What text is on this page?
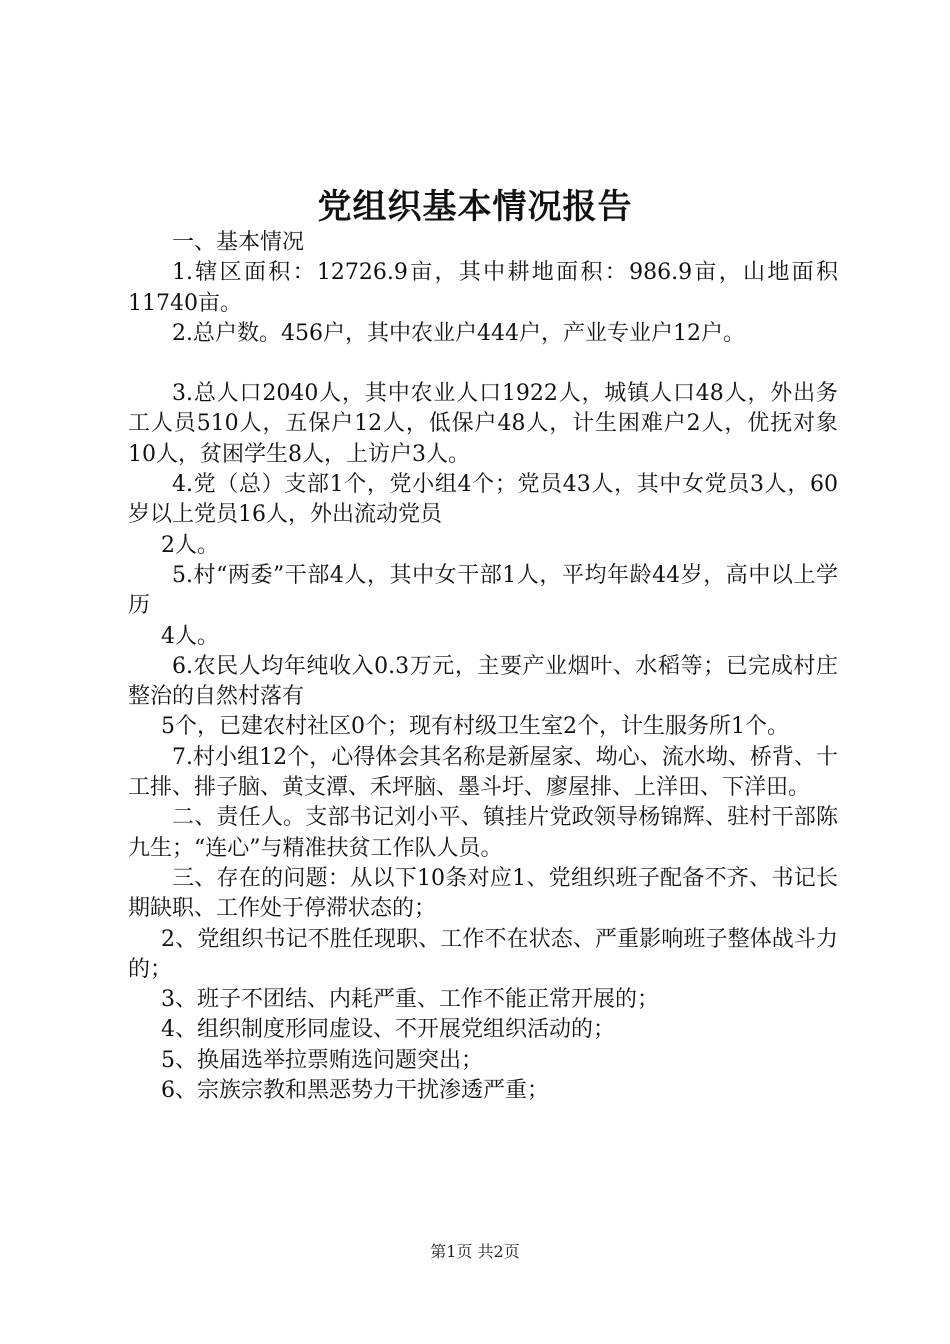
党组织基本情况报告

一、基本情况

1.辖区面积：12726.9亩，其中耕地面积：986.9亩，山地面积11740亩。

2.总户数。456户，其中农业户444户，产业专业户12户。

3.总人口2040人，其中农业人口1922人，城镇人口48人，外出务工人员510人，五保户12人，低保户48人，计生困难户2人，优抚对象10人，贫困学生8人，上访户3人。

4.党（总）支部1个，党小组4个；党员43人，其中女党员3人，60岁以上党员16人，外出流动党员

2人。

5.村“两委”干部4人，其中女干部1人，平均年龄44岁，高中以上学历

4人。

6.农民人均年纯收入0.3万元，主要产业烟叶、水稻等；已完成村庄整治的自然村落有

5个，已建农村社区0个；现有村级卫生室2个，计生服务所1个。

7.村小组12个，心得体会其名称是新屋家、坳心、流水坳、桥背、十工排、排子脑、黄支潭、禾坪脑、墨斗圩、廖屋排、上洋田、下洋田。

二、责任人。支部书记刘小平、镇挂片党政领导杨锦辉、驻村干部陈九生；“连心”与精准扶贫工作队人员。

三、存在的问题：从以下10条对应1、党组织班子配备不齐、书记长期缺职、工作处于停滞状态的；

2、党组织书记不胜任现职、工作不在状态、严重影响班子整体战斗力的；

3、班子不团结、内耗严重、工作不能正常开展的；

4、组织制度形同虚设、不开展党组织活动的；

5、换届选举拉票贿选问题突出；

6、宗族宗教和黑恶势力干扰渗透严重；

第1页 共2页
